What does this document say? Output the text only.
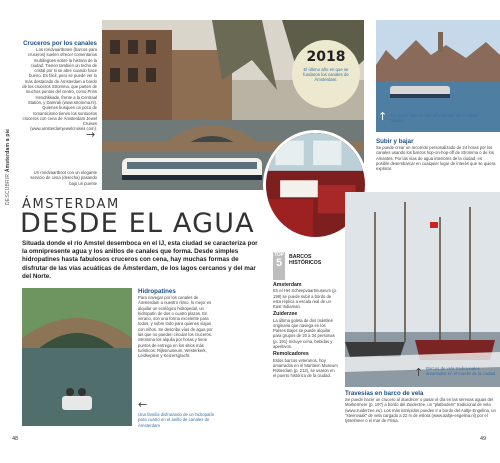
DESCUBRIR Ámsterdam a pie
Cruceros por los canales
Los rondvaartboten (barcos para cruceros) suelen ofrecer comentarios multilingües sobre la historia de la ciudad. Tienen también un techo de cristal por si se abre cuando hace bueno. Es fácil, pero se puede ver lo más destacado de Ámsterdam a bordo de los cruceros Stromma, que parten de muchos puntos del centro, como Prins Hendrikkade, frente a la Centraal Station, y Damrak (www.stromma.nl). Quienes busquen un poco de romanticismo tienen los suntuosos cruceros con cena de Ámsterdam Jewel Cruises (www.amsterdamjewelcruises.com).
→
Un rondvaartboot con un elegante servicio de cena (derecha) pasando bajo un puente
2018
El último año en que se fundaron los canales de Ámsterdam.
↑ Un barco hop-on-hop-off saliendo de Centraal Station
Subir y bajar
Se puede crear un recorrido personalizado de 24 horas por los canales usando los barcos hop-on-hop-off de Stromma o de los Amantes. Por las vías de agua interiores de la ciudad, es posible desembarcar en cualquier lugar de interés que se quiera explorar.
ÁMSTERDAM
DESDE EL AGUA
Situada donde el río Amstel desemboca en el IJ, esta ciudad se caracteriza por la omnipresente agua y los anillos de canales que forma. Desde simples hidropatines hasta fabulosos cruceros con cena, hay muchas formas de disfrutar de las vías acuáticas de Ámsterdam, de los lagos cercanos y del mar del Norte.
Hidropatines
Para navegar por los canales de Ámsterdam a nuestro ritmo, lo mejor es alquilar un ecológico hidropedal, un hidropatín de dos o cuatro plazas. En verano, son una forma excelente para todos, y sobre todo para quienes viajan con niños. Se describe vías de agua por las que no pueden circular los cruceros. Stromma los alquila por horas y tiene puntos de entrega en los sitios más turísticos: Rijksmuseum, Westerkerk, Leidseplein y Keizersgracht.
←
Una familia disfrutando de un hidropatín para cuatro en el anillo de canales de Ámsterdam
TOP
5	BARCOS HISTÓRICOS
Amsterdam
En el Het Scheepvaartmuseum (p. 198) se puede subir a bordo de esta réplica a escala real de un East Indiaman.
Zuiderzee
La última goleta de dos mástiles originaria que navega en los Países Bajos se puede alquilar para grupos de 20 a 34 personas (p. 191) Incluye cena, bebidas y aperitivos.
Remolcadores
Estos barcos veteranos, hoy amarrados en el Maritiem Museum Rotterdam (p. 212), se usaron en el puerto histórico de la ciudad.	↑ Barcos de vela tradicionales amarrados en el muelle de la ciudad
Travesías en barco de vela
Se puede hacer un crucero al atardecer o pasar el día en las serenas aguas del Markermeer (p. 197) a bordo del Zuiderzee, un "platbodem" tradicional de vela (www.zuiderzee.eu). Los más intrépidos pueden ir a bordo del Aaltje Engelina, un "steenvaak" de vela cargado a 22 m de eslora (www.aaltje-engelina.nl) por el Ijsselmeer o el mar de Frisia.
48	49
